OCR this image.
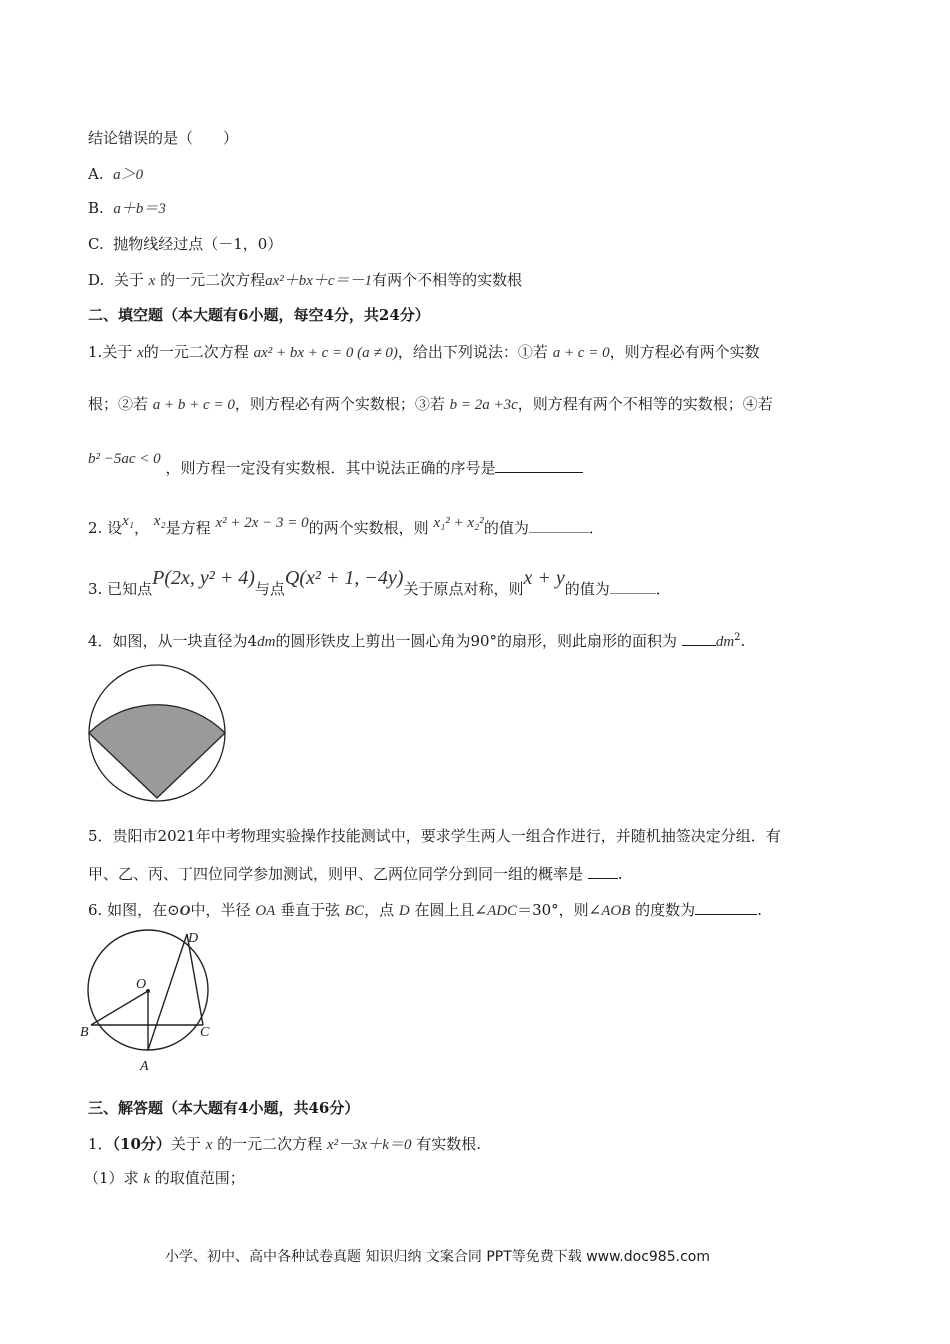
结论错误的是（　　）
A. a＞0
B. a＋b＝3
C. 抛物线经过点（－1，0）
D. 关于 x 的一元二次方程ax²＋bx＋c＝－1有两个不相等的实数根
二、填空题（本大题有6小题，每空4分，共24分）
1.关于 x的一元二次方程 ax² + bx + c = 0 (a ≠ 0)，给出下列说法：①若 a + c = 0，则方程必有两个实数
根；②若 a + b + c = 0，则方程必有两个实数根；③若 b = 2a +3c，则方程有两个不相等的实数根；④若
b² −5ac < 0 ，则方程一定没有实数根．其中说法正确的序号是
2. 设x₁， x₂是方程 x² + 2x − 3 = 0的两个实数根，则 x₁² + x₂²的值为	．
3. 已知点P(2x, y² + 4)与点Q(x² + 1, −4y)关于原点对称，则x + y的值为	．
4．如图，从一块直径为4dm的圆形铁皮上剪出一圆心角为90°的扇形，则此扇形的面积为	$dm^2$.
5．贵阳市2021年中考物理实验操作技能测试中，要求学生两人一组合作进行，并随机抽签决定分组．有
甲、乙、丙、丁四位同学参加测试，则甲、乙两位同学分到同一组的概率是 .
6. 如图，在⊙O中，半径 OA 垂直于弦 BC，点 D 在圆上且∠ADC＝30°，则∠AOB 的度数为	.
D
O
B	C
A
三、解答题（本大题有4小题，共46分）
1．（10分）关于 x 的一元二次方程 x²－3x＋k＝0 有实数根.
（1）求 k 的取值范围；
小学、初中、高中各种试卷真题 知识归纳 文案合同 PPT等免费下载 www.doc985.com
